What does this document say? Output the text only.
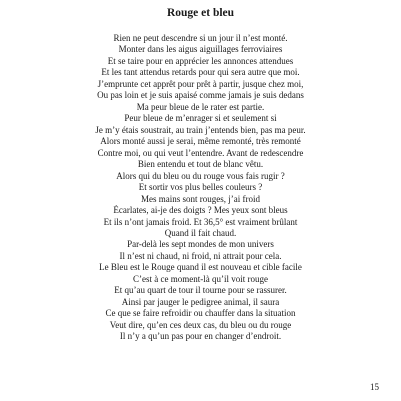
Rouge et bleu
Rien ne peut descendre si un jour il n’est monté.
Monter dans les aigus aiguillages ferroviaires
Et se taire pour en apprécier les annonces attendues
Et les tant attendus retards pour qui sera autre que moi.
J’emprunte cet apprêt pour prêt à partir, jusque chez moi,
Ou pas loin et je suis apaisé comme jamais je suis dedans
Ma peur bleue de le rater est partie.
Peur bleue de m’enrager si et seulement si
Je m’y étais soustrait, au train j’entends bien, pas ma peur.
Alors monté aussi je serai, même remonté, très remonté
Contre moi, ou qui veut l’entendre. Avant de redescendre
Bien entendu et tout de blanc vêtu.
Alors qui du bleu ou du rouge vous fais rugir ?
Et sortir vos plus belles couleurs ?
Mes mains sont rouges, j’ai froid
Écarlates, ai-je des doigts ? Mes yeux sont bleus
Et ils n’ont jamais froid. Et 36,5° est vraiment brûlant
Quand il fait chaud.
Par-delà les sept mondes de mon univers
Il n’est ni chaud, ni froid, ni attrait pour cela.
Le Bleu est le Rouge quand il est nouveau et cible facile
C’est à ce moment-là qu’il voit rouge
Et qu’au quart de tour il tourne pour se rassurer.
Ainsi par jauger le pedigree animal, il saura
Ce que se faire refroidir ou chauffer dans la situation
Veut dire, qu’en ces deux cas, du bleu ou du rouge
Il n’y a qu’un pas pour en changer d’endroit.
15
